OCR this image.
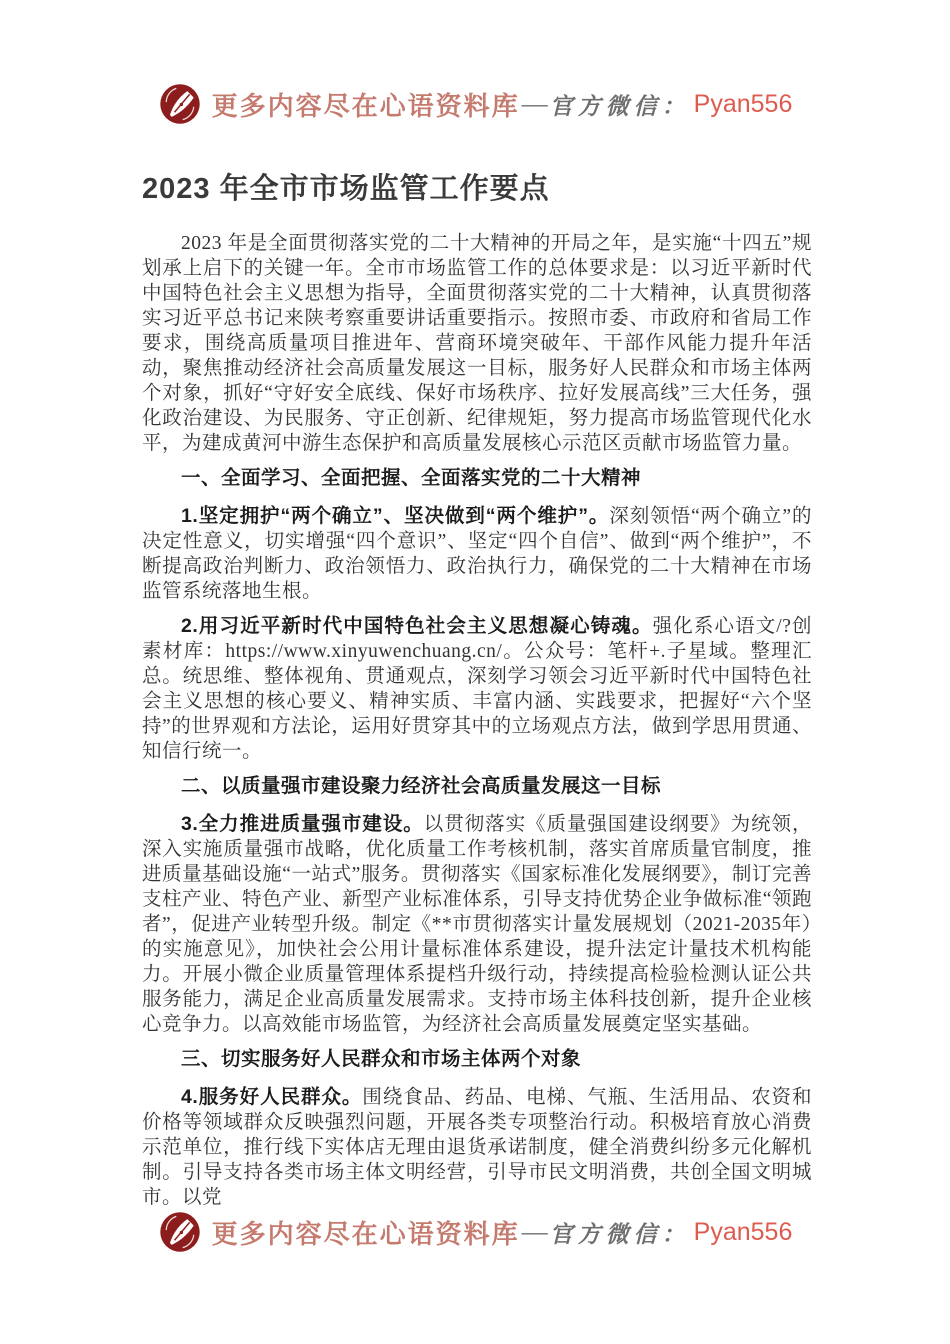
更多内容尽在心语资料库 — 官方微信： Pyan556
2023 年全市市场监管工作要点

2023 年是全面贯彻落实党的二十大精神的开局之年，是实施“十四五”规划承上启下的关键一年。全市市场监管工作的总体要求是：以习近平新时代中国特色社会主义思想为指导，全面贯彻落实党的二十大精神，认真贯彻落实习近平总书记来陕考察重要讲话重要指示。按照市委、市政府和省局工作要求，围绕高质量项目推进年、营商环境突破年、干部作风能力提升年活动，聚焦推动经济社会高质量发展这一目标，服务好人民群众和市场主体两个对象，抓好“守好安全底线、保好市场秩序、拉好发展高线”三大任务，强化政治建设、为民服务、守正创新、纪律规矩，努力提高市场监管现代化水平，为建成黄河中游生态保护和高质量发展核心示范区贡献市场监管力量。

一、全面学习、全面把握、全面落实党的二十大精神

1.坚定拥护“两个确立”、坚决做到“两个维护”。深刻领悟“两个确立”的决定性意义，切实增强“四个意识”、坚定“四个自信”、做到“两个维护”，不断提高政治判断力、政治领悟力、政治执行力，确保党的二十大精神在市场监管系统落地生根。

2.用习近平新时代中国特色社会主义思想凝心铸魂。强化系心语文/?创素材库：https://www.xinyuwenchuang.cn/。公众号：笔杆+.子星域。整理汇总。统思维、整体视角、贯通观点，深刻学习领会习近平新时代中国特色社会主义思想的核心要义、精神实质、丰富内涵、实践要求，把握好“六个坚持”的世界观和方法论，运用好贯穿其中的立场观点方法，做到学思用贯通、知信行统一。

二、以质量强市建设聚力经济社会高质量发展这一目标

3.全力推进质量强市建设。以贯彻落实《质量强国建设纲要》为统领，深入实施质量强市战略，优化质量工作考核机制，落实首席质量官制度，推进质量基础设施“一站式”服务。贯彻落实《国家标准化发展纲要》，制订完善支柱产业、特色产业、新型产业标准体系，引导支持优势企业争做标准“领跑者”，促进产业转型升级。制定《**市贯彻落实计量发展规划（2021-2035年）的实施意见》，加快社会公用计量标准体系建设，提升法定计量技术机构能力。开展小微企业质量管理体系提档升级行动，持续提高检验检测认证公共服务能力，满足企业高质量发展需求。支持市场主体科技创新，提升企业核心竞争力。以高效能市场监管，为经济社会高质量发展奠定坚实基础。

三、切实服务好人民群众和市场主体两个对象

4.服务好人民群众。围绕食品、药品、电梯、气瓶、生活用品、农资和价格等领域群众反映强烈问题，开展各类专项整治行动。积极培育放心消费示范单位，推行线下实体店无理由退货承诺制度，健全消费纠纷多元化解机制。引导支持各类市场主体文明经营，引导市民文明消费，共创全国文明城市。以党

更多内容尽在心语资料库 — 官方微信： Pyan556
